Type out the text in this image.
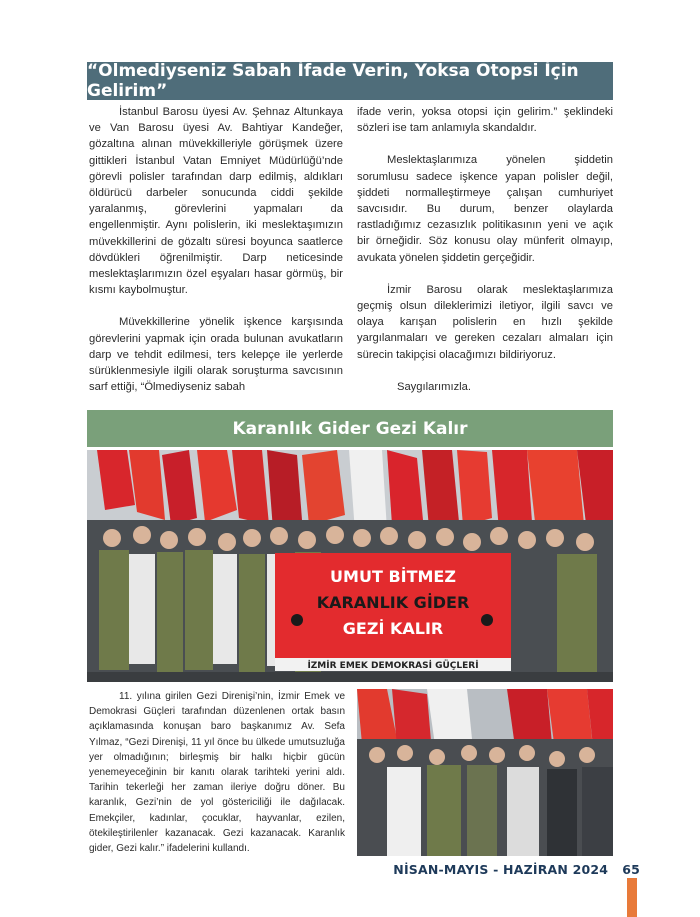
“Ölmediyseniz Sabah İfade Verin, Yoksa Otopsi İçin Gelirim”

İstanbul Barosu üyesi Av. Şehnaz Altunkaya ve Van Barosu üyesi Av. Bahtiyar Kandeğer, gözaltına alınan müvekkilleriyle görüşmek üzere gittikleri İstanbul Vatan Emniyet Müdürlüğü’nde görevli polisler tarafından darp edilmiş, aldıkları öldürücü darbeler sonucunda ciddi şekilde yaralanmış, görevlerini yapmaları da engellenmiştir. Aynı polislerin, iki meslektaşımızın müvekkillerini de gözaltı süresi boyunca saatlerce dövdükleri öğrenilmiştir. Darp neticesinde meslektaşlarımızın özel eşyaları hasar görmüş, bir kısmı kaybolmuştur.

Müvekkillerine yönelik işkence karşısında görevlerini yapmak için orada bulunan avukatların darp ve tehdit edilmesi, ters kelepçe ile yerlerde sürüklenmesiyle ilgili olarak soruşturma savcısının sarf ettiği, “Ölmediyseniz sabah

ifade verin, yoksa otopsi için gelirim.” şeklindeki sözleri ise tam anlamıyla skandaldır.

Meslektaşlarımıza yönelen şiddetin sorumlusu sadece işkence yapan polisler değil, şiddeti normalleştirmeye çalışan cumhuriyet savcısıdır. Bu durum, benzer olaylarda rastladığımız cezasızlık politikasının yeni ve açık bir örneğidir. Söz konusu olay münferit olmayıp, avukata yönelen şiddetin gerçeğidir.

İzmir Barosu olarak meslektaşlarımıza geçmiş olsun dileklerimizi iletiyor, ilgili savcı ve olaya karışan polislerin en hızlı şekilde yargılanmaları ve gereken cezaları almaları için sürecin takipçisi olacağımızı bildiriyoruz.

Saygılarımızla.

Karanlık Gider Gezi Kalır
UMUT BİTMEZ
KARANLIK GİDER
GEZİ KALIR
İZMİR EMEK DEMOKRASİ GÜÇLERİ

11. yılına girilen Gezi Direnişi’nin, İzmir Emek ve Demokrasi Güçleri tarafından düzenlenen ortak basın açıklamasında konuşan baro başkanımız Av. Sefa Yılmaz, “Gezi Direnişi, 11 yıl önce bu ülkede umutsuzluğa yer olmadığının; birleşmiş bir halkı hiçbir gücün yenemeyeceğinin bir kanıtı olarak tarihteki yerini aldı. Tarihin tekerleği her zaman ileriye doğru döner. Bu karanlık, Gezi’nin de yol göstericiliği ile dağılacak. Emekçiler, kadınlar, çocuklar, hayvanlar, ezilen, ötekileştirilenler kazanacak. Gezi kazanacak. Karanlık gider, Gezi kalır.” ifadelerini kullandı.

NİSAN-MAYIS - HAZİRAN 2024 65
